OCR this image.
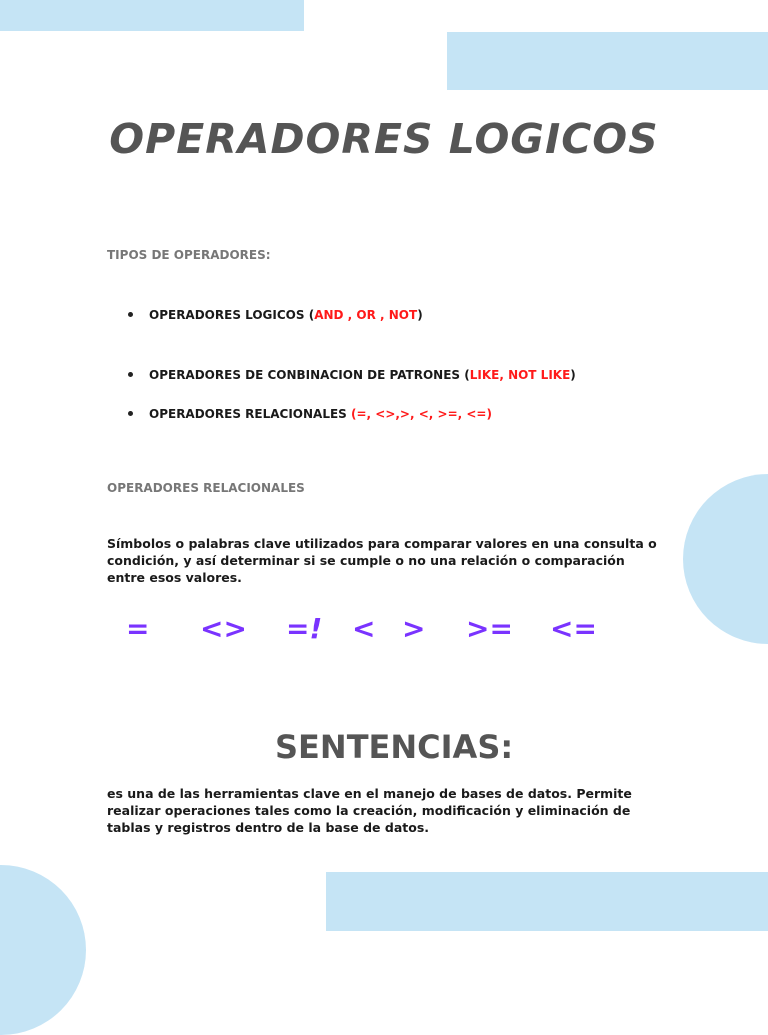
OPERADORES LOGICOS

TIPOS DE OPERADORES:

OPERADORES LOGICOS (AND , OR , NOT)
OPERADORES DE CONBINACION DE PATRONES (LIKE, NOT LIKE)
OPERADORES RELACIONALES (=, <>,>, <, >=, <=)

OPERADORES RELACIONALES

Símbolos o palabras clave utilizados para comparar valores en una consulta o condición, y así determinar si se cumple o no una relación o comparación entre esos valores.

= <> =! < > >= <=
SENTENCIAS:

es una de las herramientas clave en el manejo de bases de datos. Permite realizar operaciones tales como la creación, modificación y eliminación de tablas y registros dentro de la base de datos.
